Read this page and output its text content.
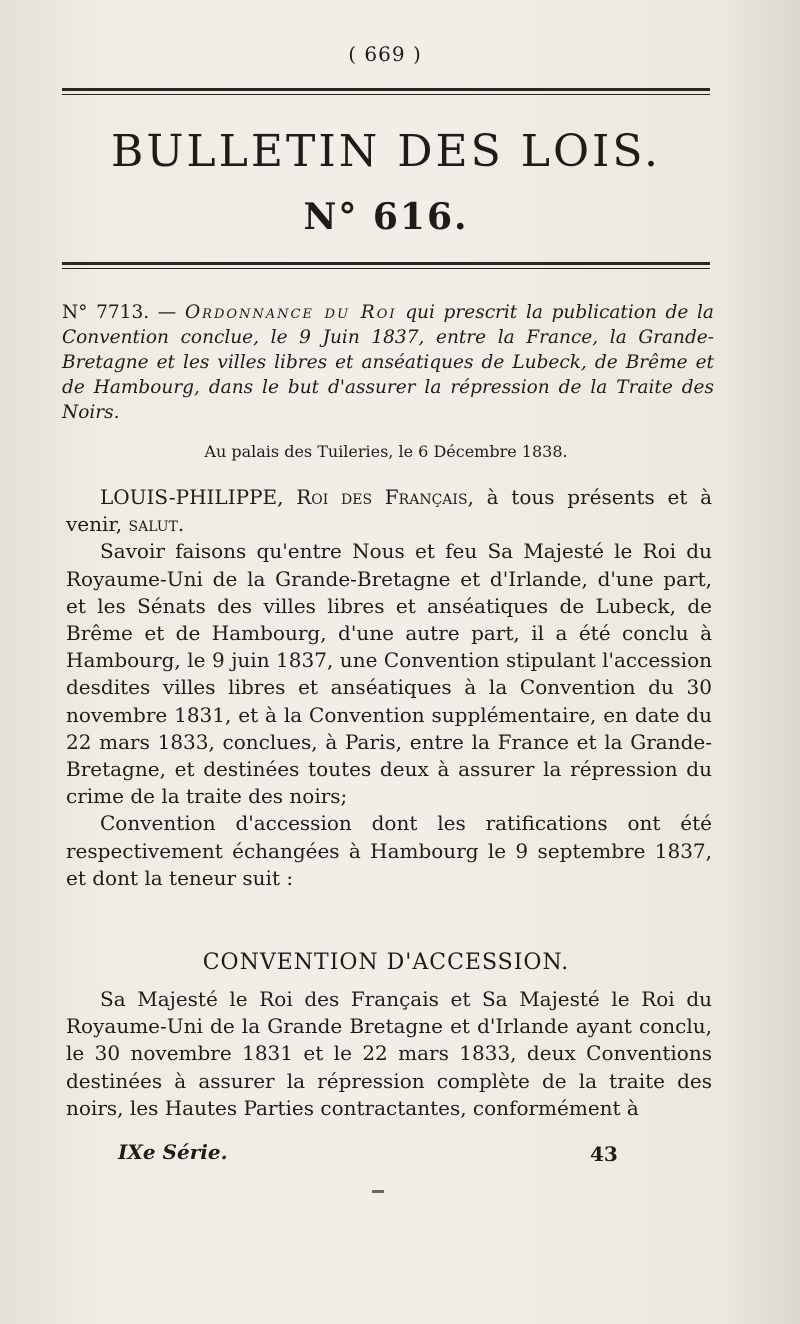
( 669 )
BULLETIN DES LOIS.
N° 616.
N° 7713. — Ordonnance du Roi qui prescrit la publication de la Convention conclue, le 9 Juin 1837, entre la France, la Grande-Bretagne et les villes libres et anséatiques de Lubeck, de Brême et de Hambourg, dans le but d'assurer la répression de la Traite des Noirs.
Au palais des Tuileries, le 6 Décembre 1838.

LOUIS-PHILIPPE, Roi des Français, à tous présents et à venir, salut.

Savoir faisons qu'entre Nous et feu Sa Majesté le Roi du Royaume-Uni de la Grande-Bretagne et d'Irlande, d'une part, et les Sénats des villes libres et anséatiques de Lubeck, de Brême et de Hambourg, d'une autre part, il a été conclu à Hambourg, le 9 juin 1837, une Convention stipulant l'accession desdites villes libres et anséatiques à la Convention du 30 novembre 1831, et à la Convention supplémentaire, en date du 22 mars 1833, conclues, à Paris, entre la France et la Grande-Bretagne, et destinées toutes deux à assurer la répression du crime de la traite des noirs;

Convention d'accession dont les ratifications ont été respectivement échangées à Hambourg le 9 septembre 1837, et dont la teneur suit :

CONVENTION D'ACCESSION.

Sa Majesté le Roi des Français et Sa Majesté le Roi du Royaume-Uni de la Grande Bretagne et d'Irlande ayant conclu, le 30 novembre 1831 et le 22 mars 1833, deux Conventions destinées à assurer la répression complète de la traite des noirs, les Hautes Parties contractantes, conformément à

IXe Série.	43
